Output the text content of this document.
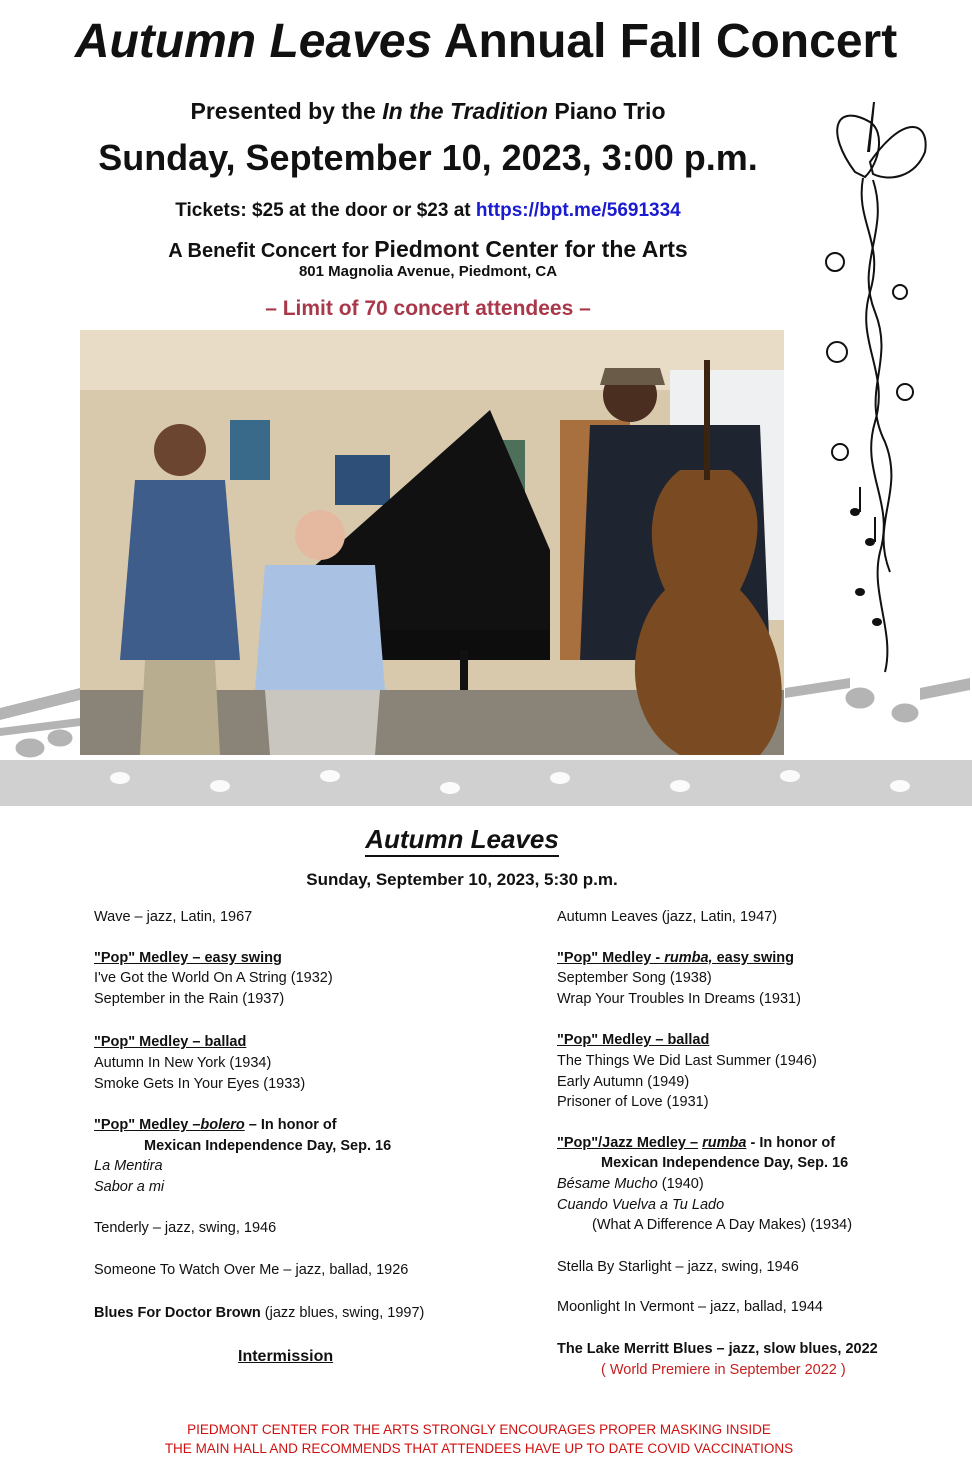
Autumn Leaves Annual Fall Concert
Presented by the In the Tradition Piano Trio
Sunday, September 10, 2023, 3:00 p.m.
Tickets: $25 at the door or $23 at https://bpt.me/5691334
A Benefit Concert for Piedmont Center for the Arts
801 Magnolia Avenue, Piedmont, CA
– Limit of 70 concert attendees –
Autumn Leaves
Sunday, September 10, 2023, 5:30 p.m.
Wave – jazz, Latin, 1967
"Pop" Medley – easy swing
I've Got the World On A String (1932)
September in the Rain (1937)
"Pop" Medley – ballad
Autumn In New York (1934)
Smoke Gets In Your Eyes (1933)
"Pop" Medley –bolero – In honor of
Mexican Independence Day, Sep. 16
La Mentira
Sabor a mi
Tenderly – jazz, swing, 1946
Someone To Watch Over Me – jazz, ballad, 1926
Blues For Doctor Brown (jazz blues, swing, 1997)
Intermission
Autumn Leaves (jazz, Latin, 1947)
"Pop" Medley - rumba, easy swing
September Song (1938)
Wrap Your Troubles In Dreams (1931)
"Pop" Medley – ballad
The Things We Did Last Summer (1946)
Early Autumn (1949)
Prisoner of Love (1931)
"Pop"/Jazz Medley – rumba - In honor of
Mexican Independence Day, Sep. 16
Bésame Mucho (1940)
Cuando Vuelva a Tu Lado
(What A Difference A Day Makes) (1934)
Stella By Starlight – jazz, swing, 1946
Moonlight In Vermont – jazz, ballad, 1944
The Lake Merritt Blues – jazz, slow blues, 2022
( World Premiere in September 2022 )
PIEDMONT CENTER FOR THE ARTS STRONGLY ENCOURAGES PROPER MASKING INSIDE
THE MAIN HALL AND RECOMMENDS THAT ATTENDEES HAVE UP TO DATE COVID VACCINATIONS
